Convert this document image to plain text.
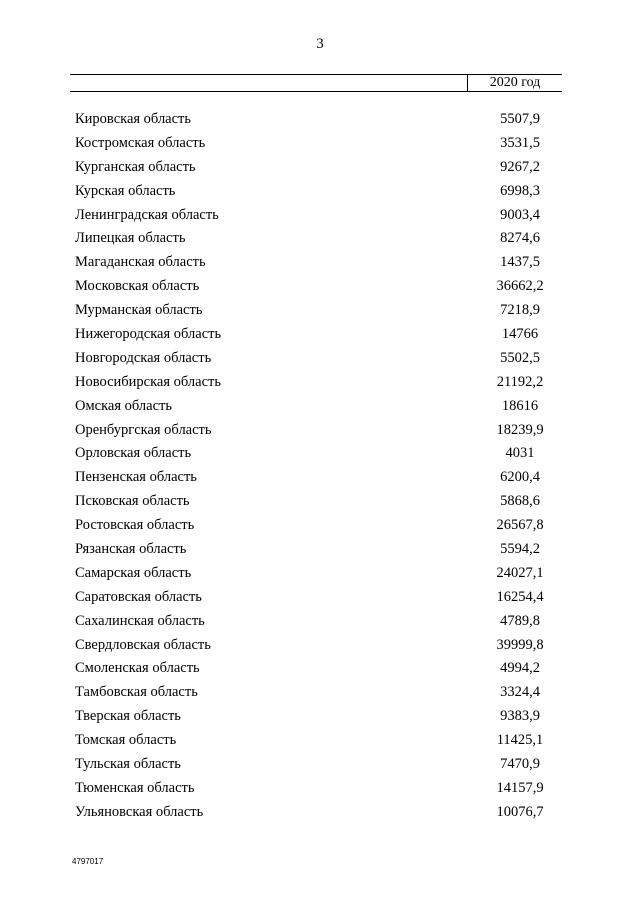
3
2020 год
Кировская область	5507,9
Костромская область	3531,5
Курганская область	9267,2
Курская область	6998,3
Ленинградская область	9003,4
Липецкая область	8274,6
Магаданская область	1437,5
Московская область	36662,2
Мурманская область	7218,9
Нижегородская область	14766
Новгородская область	5502,5
Новосибирская область	21192,2
Омская область	18616
Оренбургская область	18239,9
Орловская область	4031
Пензенская область	6200,4
Псковская область	5868,6
Ростовская область	26567,8
Рязанская область	5594,2
Самарская область	24027,1
Саратовская область	16254,4
Сахалинская область	4789,8
Свердловская область	39999,8
Смоленская область	4994,2
Тамбовская область	3324,4
Тверская область	9383,9
Томская область	11425,1
Тульская область	7470,9
Тюменская область	14157,9
Ульяновская область	10076,7
4797017
